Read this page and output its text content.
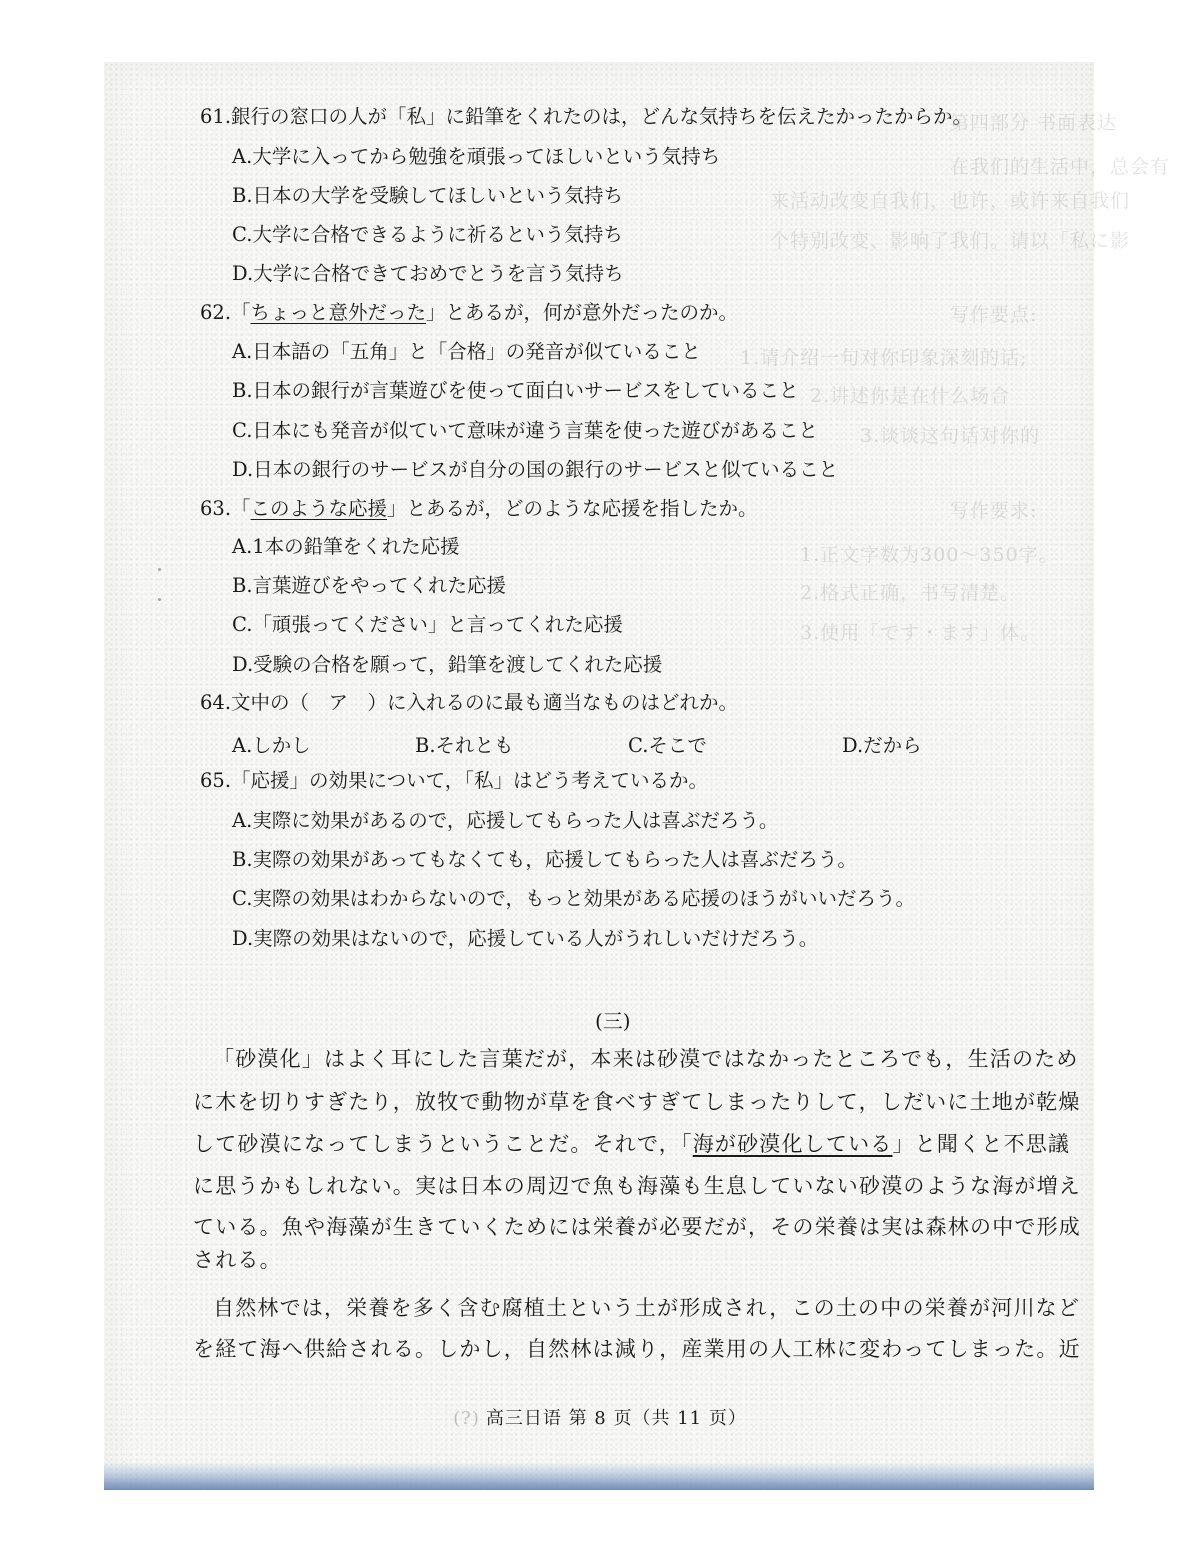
第四部分 书面表达
在我们的生活中，总会有
来活动改变自我们，也许，或许来自我们
个特别改变、影响了我们。请以「私に影
写作要点:
1.请介绍一句对你印象深刻的话;
2.讲述你是在什么场合
3.谈谈这句话对你的
写作要求:
1.正文字数为300～350字。
2.格式正确，书写清楚。
3.使用「です・ます」体。
61.銀行の窓口の人が「私」に鉛筆をくれたのは，どんな気持ちを伝えたかったからか。
A.大学に入ってから勉強を頑張ってほしいという気持ち
B.日本の大学を受験してほしいという気持ち
C.大学に合格できるように祈るという気持ち
D.大学に合格できておめでとうを言う気持ち
62.「ちょっと意外だった」とあるが，何が意外だったのか。
A.日本語の「五角」と「合格」の発音が似ていること
B.日本の銀行が言葉遊びを使って面白いサービスをしていること
C.日本にも発音が似ていて意味が違う言葉を使った遊びがあること
D.日本の銀行のサービスが自分の国の銀行のサービスと似ていること
63.「このような応援」とあるが，どのような応援を指したか。
A.1本の鉛筆をくれた応援
B.言葉遊びをやってくれた応援
C.「頑張ってください」と言ってくれた応援
D.受験の合格を願って，鉛筆を渡してくれた応援
64.文中の（　ア　）に入れるのに最も適当なものはどれか。
A.しかし	B.それとも	C.そこで	D.だから
65.「応援」の効果について，「私」はどう考えているか。
A.実際に効果があるので，応援してもらった人は喜ぶだろう。
B.実際の効果があってもなくても，応援してもらった人は喜ぶだろう。
C.実際の効果はわからないので，もっと効果がある応援のほうがいいだろう。
D.実際の効果はないので，応援している人がうれしいだけだろう。
(三)
「砂漠化」はよく耳にした言葉だが，本来は砂漠ではなかったところでも，生活のため
に木を切りすぎたり，放牧で動物が草を食べすぎてしまったりして，しだいに土地が乾燥
して砂漠になってしまうということだ。それで，「海が砂漠化している」と聞くと不思議
に思うかもしれない。実は日本の周辺で魚も海藻も生息していない砂漠のような海が増え
ている。魚や海藻が生きていくためには栄養が必要だが，その栄養は実は森林の中で形成
される。
自然林では，栄養を多く含む腐植土という土が形成され，この土の中の栄養が河川など
を経て海へ供給される。しかし，自然林は減り，産業用の人工林に変わってしまった。近
(?) 高三日语 第 8 页（共 11 页）
